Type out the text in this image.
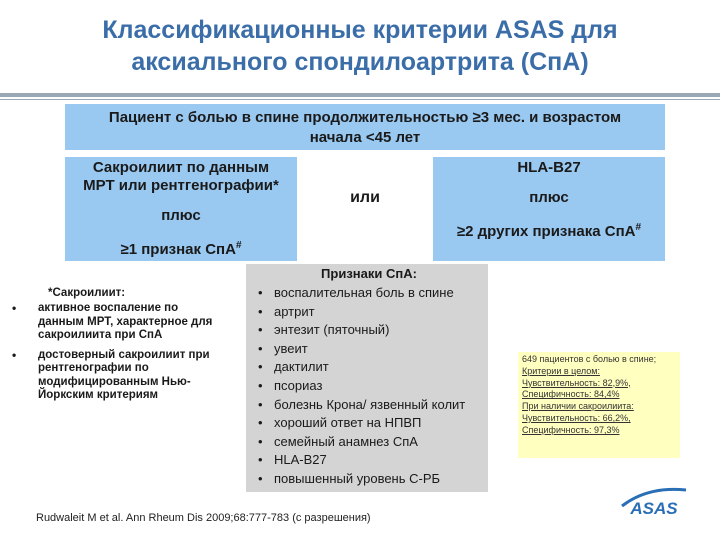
Классификационные критерии ASAS для
аксиального спондилоартрита (СпА)
Пациент с болью в спине продолжительностью ≥3 мес. и возрастом
начала <45 лет
Сакроилиит по данным
МРТ или рентгенографии*
плюс
≥1 признак СпА#
или
HLA-B27
плюс
≥2 других признака СпА#
Признаки СпА:
• воспалительная боль в спине
• артрит
• энтезит (пяточный)
• увеит
• дактилит
• псориаз
• болезнь Крона/ язвенный колит
• хороший ответ на НПВП
• семейный анамнез СпА
• HLA-B27
• повышенный уровень С-РБ
*Сакроилиит:
• активное воспаление по
данным МРТ, характерное для
сакроилиита при СпА
• достоверный сакроилиит при
рентгенографии по
модифицированным Нью-
Йоркским критериям
649 пациентов с болью в спине;
Критерии в целом:
Чувствительность: 82,9%,
Специфичность: 84,4%
При наличии сакроилиита:
Чувствительность: 66,2%,
Специфичность: 97,3%
ASAS
Rudwaleit M et al. Ann Rheum Dis 2009;68:777-783 (с разрешения)
